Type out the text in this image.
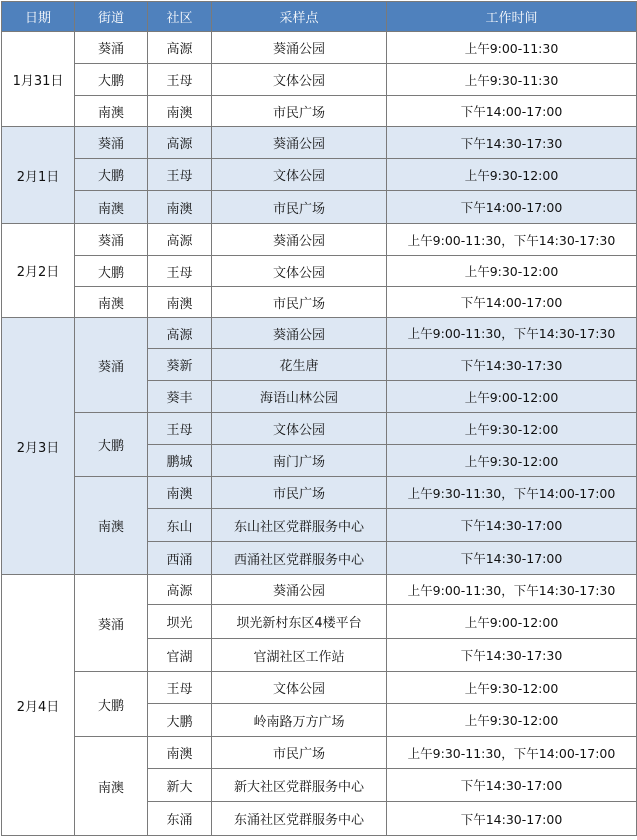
日期	街道	社区	采样点	工作时间
1月31日	葵涌	高源	葵涌公园	上午9:00-11:30
	大鹏	王母	文体公园	上午9:30-11:30
	南澳	南澳	市民广场	下午14:00-17:00
2月1日	葵涌	高源	葵涌公园	下午14:30-17:30
	大鹏	王母	文体公园	上午9:30-12:00
	南澳	南澳	市民广场	下午14:00-17:00
2月2日	葵涌	高源	葵涌公园	上午9:00-11:30，下午14:30-17:30
	大鹏	王母	文体公园	上午9:30-12:00
	南澳	南澳	市民广场	下午14:00-17:00
2月3日	葵涌	高源	葵涌公园	上午9:00-11:30，下午14:30-17:30
		葵新	花生唐	下午14:30-17:30
		葵丰	海语山林公园	上午9:00-12:00
	大鹏	王母	文体公园	上午9:30-12:00
		鹏城	南门广场	上午9:30-12:00
	南澳	南澳	市民广场	上午9:30-11:30，下午14:00-17:00
		东山	东山社区党群服务中心	下午14:30-17:00
		西涌	西涌社区党群服务中心	下午14:30-17:00
2月4日	葵涌	高源	葵涌公园	上午9:00-11:30，下午14:30-17:30
		坝光	坝光新村东区4楼平台	上午9:00-12:00
		官湖	官湖社区工作站	下午14:30-17:30
	大鹏	王母	文体公园	上午9:30-12:00
		大鹏	岭南路万方广场	上午9:30-12:00
	南澳	南澳	市民广场	上午9:30-11:30，下午14:00-17:00
		新大	新大社区党群服务中心	下午14:30-17:00
		东涌	东涌社区党群服务中心	下午14:30-17:00
